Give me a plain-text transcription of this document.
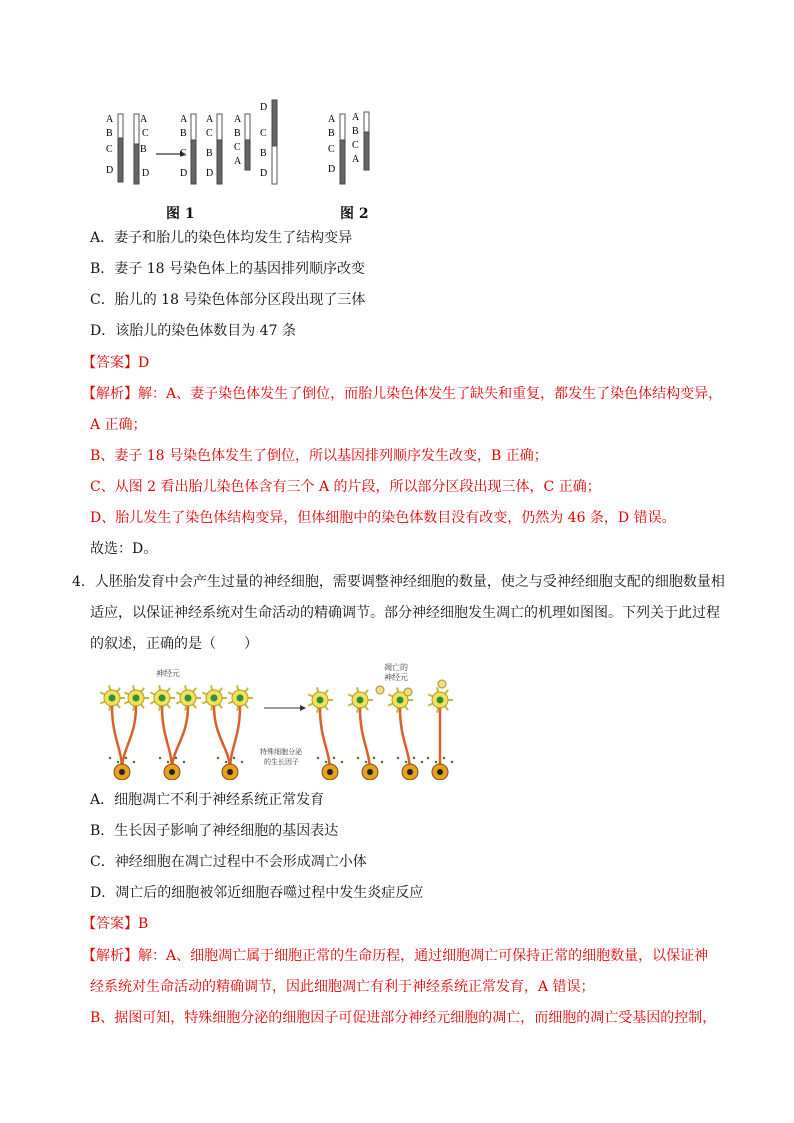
A
B
C
D
A
C
B
D
A
B
C
D
A
C
B
D
A
B
C
A
D
C
B
D
A
B
C
D
A
B
C
A
图 1	图 2
A．妻子和胎儿的染色体均发生了结构变异
B．妻子 18 号染色体上的基因排列顺序改变
C．胎儿的 18 号染色体部分区段出现了三体
D．该胎儿的染色体数目为 47 条
【答案】D
【解析】解：A、妻子染色体发生了倒位，而胎儿染色体发生了缺失和重复，都发生了染色体结构变异，
A 正确；
B、妻子 18 号染色体发生了倒位，所以基因排列顺序发生改变，B 正确；
C、从图 2 看出胎儿染色体含有三个 A 的片段，所以部分区段出现三体，C 正确；
D、胎儿发生了染色体结构变异，但体细胞中的染色体数目没有改变，仍然为 46 条，D 错误。
故选：D。
4．人胚胎发育中会产生过量的神经细胞，需要调整神经细胞的数量，使之与受神经细胞支配的细胞数量相
适应，以保证神经系统对生命活动的精确调节。部分神经细胞发生凋亡的机理如图图。下列关于此过程
的叙述，正确的是（　　）
神经元
凋亡的
神经元
特殊细胞分泌
的生长因子
A．细胞凋亡不利于神经系统正常发育
B．生长因子影响了神经细胞的基因表达
C．神经细胞在凋亡过程中不会形成凋亡小体
D．凋亡后的细胞被邻近细胞吞噬过程中发生炎症反应
【答案】B
【解析】解：A、细胞凋亡属于细胞正常的生命历程，通过细胞凋亡可保持正常的细胞数量，以保证神
经系统对生命活动的精确调节，因此细胞凋亡有利于神经系统正常发育，A 错误；
B、据图可知，特殊细胞分泌的细胞因子可促进部分神经元细胞的凋亡，而细胞的凋亡受基因的控制，
